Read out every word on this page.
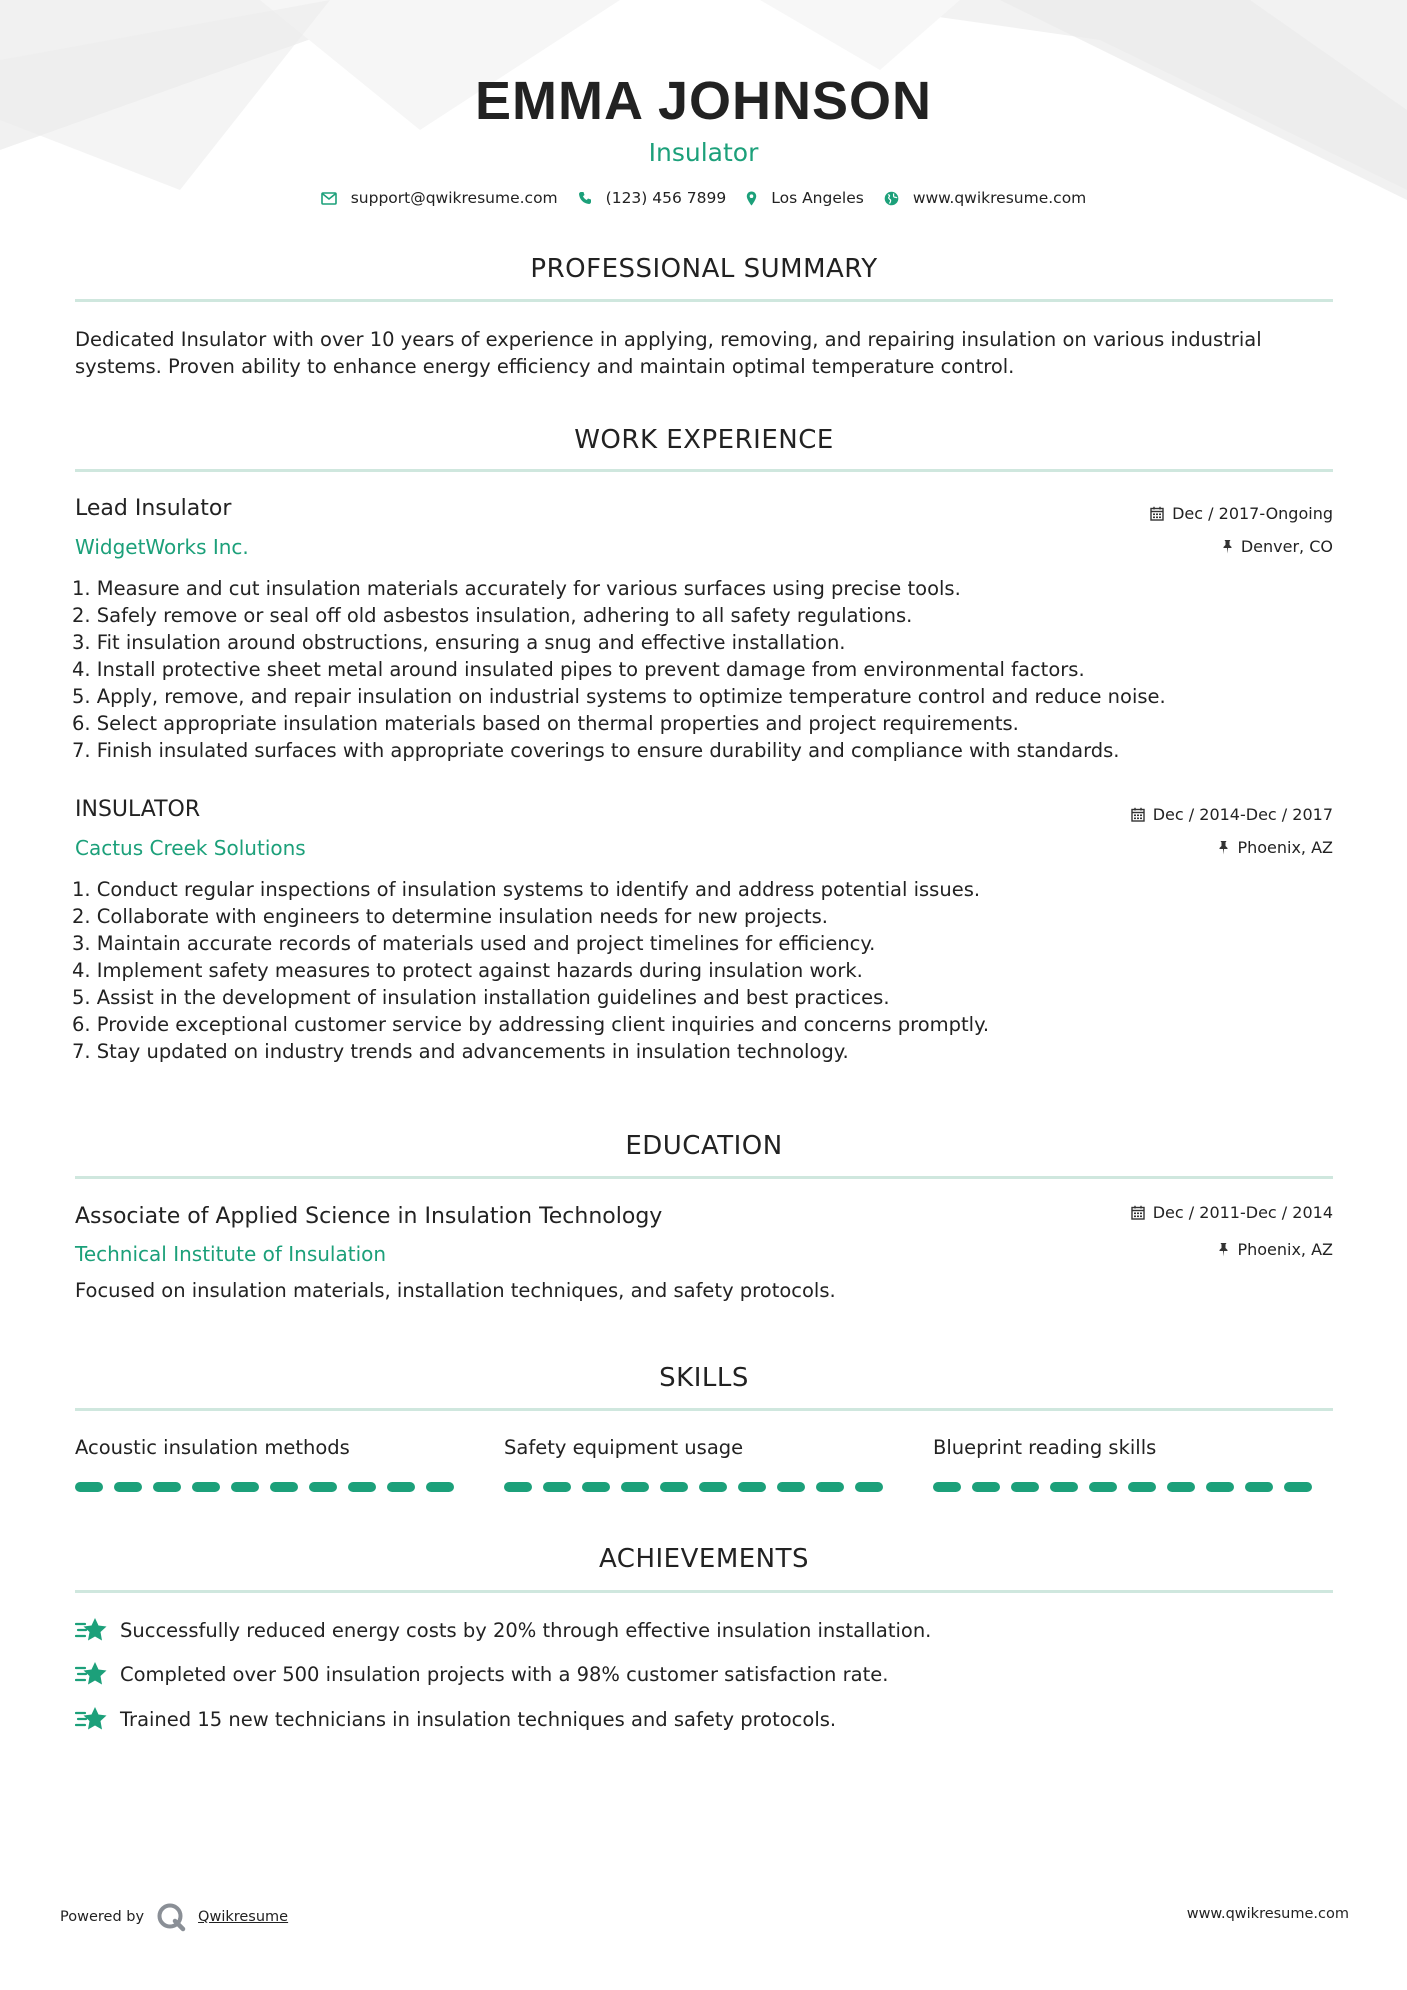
EMMA JOHNSON
Insulator
support@qwikresume.com	(123) 456 7899	Los Angeles	www.qwikresume.com
PROFESSIONAL SUMMARY
Dedicated Insulator with over 10 years of experience in applying, removing, and repairing insulation on various industrial systems. Proven ability to enhance energy efficiency and maintain optimal temperature control.
WORK EXPERIENCE
Lead Insulator
WidgetWorks Inc.
Dec / 2017-Ongoing
Denver, CO
1. Measure and cut insulation materials accurately for various surfaces using precise tools.
2. Safely remove or seal off old asbestos insulation, adhering to all safety regulations.
3. Fit insulation around obstructions, ensuring a snug and effective installation.
4. Install protective sheet metal around insulated pipes to prevent damage from environmental factors.
5. Apply, remove, and repair insulation on industrial systems to optimize temperature control and reduce noise.
6. Select appropriate insulation materials based on thermal properties and project requirements.
7. Finish insulated surfaces with appropriate coverings to ensure durability and compliance with standards.
INSULATOR
Cactus Creek Solutions
Dec / 2014-Dec / 2017
Phoenix, AZ
1. Conduct regular inspections of insulation systems to identify and address potential issues.
2. Collaborate with engineers to determine insulation needs for new projects.
3. Maintain accurate records of materials used and project timelines for efficiency.
4. Implement safety measures to protect against hazards during insulation work.
5. Assist in the development of insulation installation guidelines and best practices.
6. Provide exceptional customer service by addressing client inquiries and concerns promptly.
7. Stay updated on industry trends and advancements in insulation technology.
EDUCATION
Associate of Applied Science in Insulation Technology
Technical Institute of Insulation
Dec / 2011-Dec / 2014
Phoenix, AZ
Focused on insulation materials, installation techniques, and safety protocols.
SKILLS
Acoustic insulation methods	Safety equipment usage	Blueprint reading skills
ACHIEVEMENTS
Successfully reduced energy costs by 20% through effective insulation installation.
Completed over 500 insulation projects with a 98% customer satisfaction rate.
Trained 15 new technicians in insulation techniques and safety protocols.
Powered by	Qwikresume	www.qwikresume.com
